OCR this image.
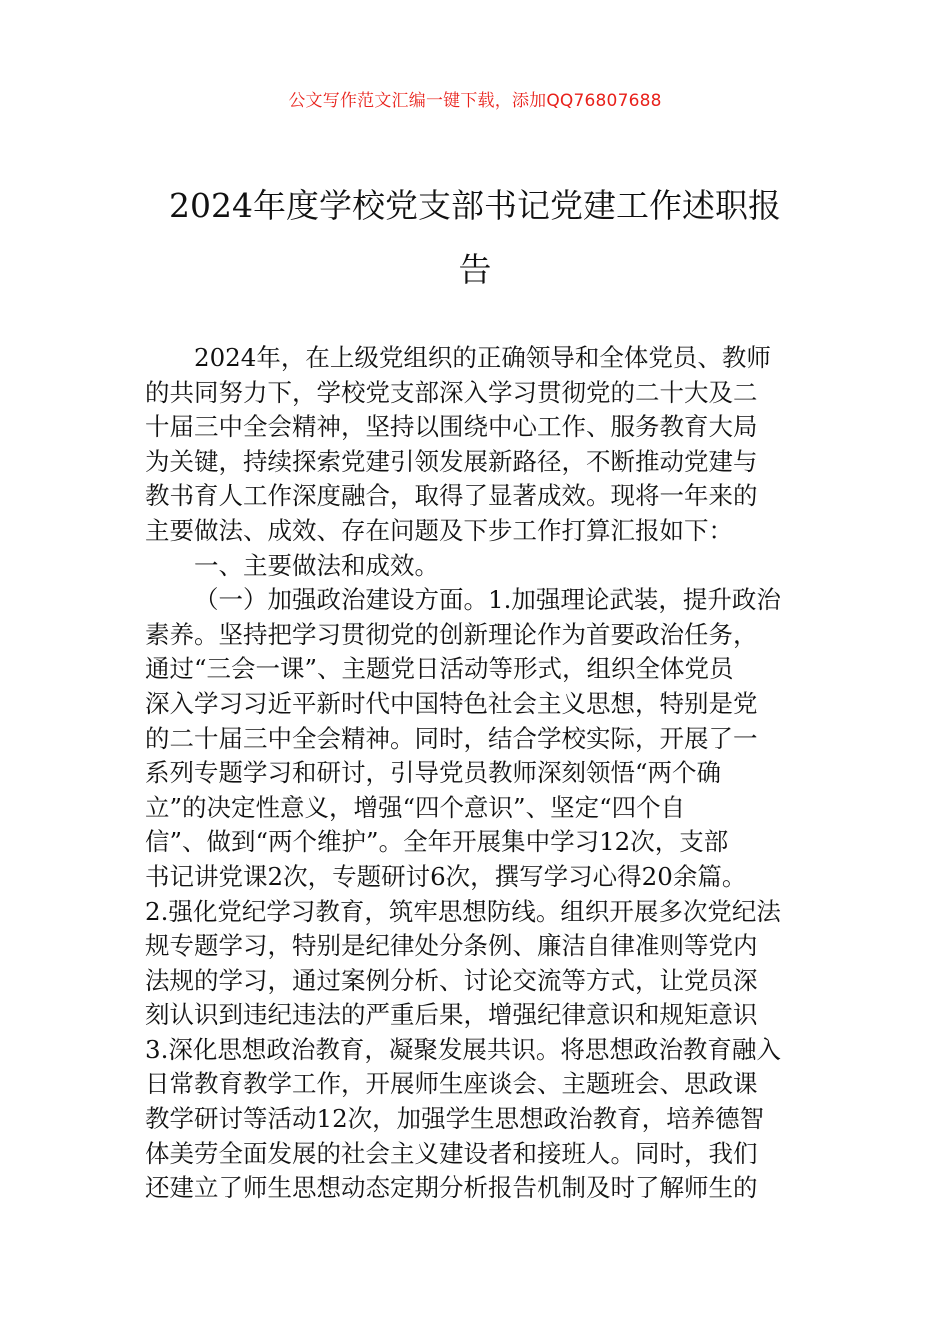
公文写作范文汇编一键下载，添加QQ76807688
2024年度学校党支部书记党建工作述职报
告
2024年，在上级党组织的正确领导和全体党员、教师
的共同努力下，学校党支部深入学习贯彻党的二十大及二
十届三中全会精神，坚持以围绕中心工作、服务教育大局
为关键，持续探索党建引领发展新路径，不断推动党建与
教书育人工作深度融合，取得了显著成效。现将一年来的
主要做法、成效、存在问题及下步工作打算汇报如下：
一、主要做法和成效。
（一）加强政治建设方面。1.加强理论武装，提升政治
素养。坚持把学习贯彻党的创新理论作为首要政治任务，
通过“三会一课”、主题党日活动等形式，组织全体党员
深入学习习近平新时代中国特色社会主义思想，特别是党
的二十届三中全会精神。同时，结合学校实际，开展了一
系列专题学习和研讨，引导党员教师深刻领悟“两个确
立”的决定性意义，增强“四个意识”、坚定“四个自
信”、做到“两个维护”。全年开展集中学习12次，支部
书记讲党课2次，专题研讨6次，撰写学习心得20余篇。
2.强化党纪学习教育，筑牢思想防线。组织开展多次党纪法
规专题学习，特别是纪律处分条例、廉洁自律准则等党内
法规的学习，通过案例分析、讨论交流等方式，让党员深
刻认识到违纪违法的严重后果，增强纪律意识和规矩意识
3.深化思想政治教育，凝聚发展共识。将思想政治教育融入
日常教育教学工作，开展师生座谈会、主题班会、思政课
教学研讨等活动12次，加强学生思想政治教育，培养德智
体美劳全面发展的社会主义建设者和接班人。同时，我们
还建立了师生思想动态定期分析报告机制及时了解师生的
